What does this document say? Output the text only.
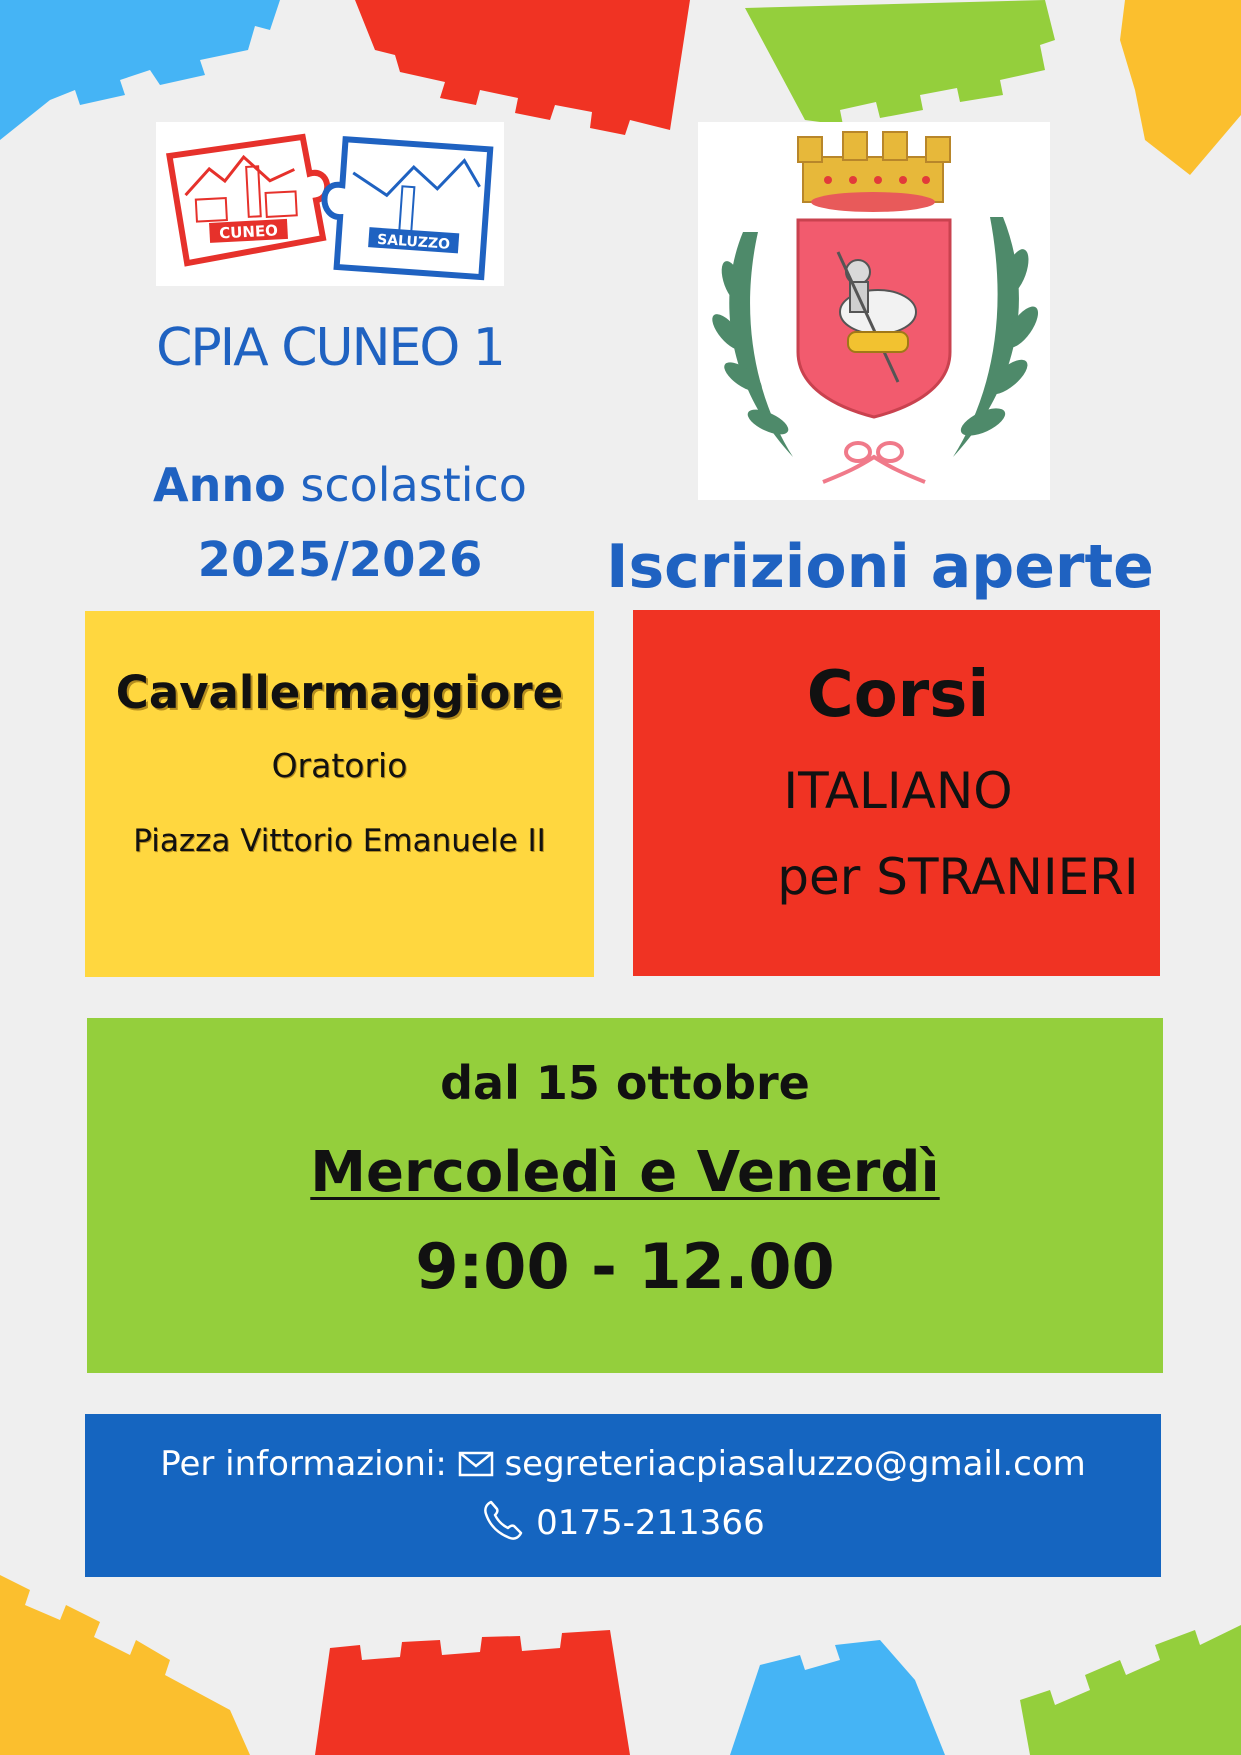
CUNEO	SALUZZO
CPIA CUNEO 1
Anno scolastico
2025/2026	Iscrizioni aperte
Cavallermaggiore
Oratorio
Piazza Vittorio Emanuele II
Corsi
ITALIANO
per STRANIERI
dal 15 ottobre
Mercoledì e Venerdì
9:00 - 12.00
Per informazioni: segreteriacpiasaluzzo@gmail.com
0175-211366
